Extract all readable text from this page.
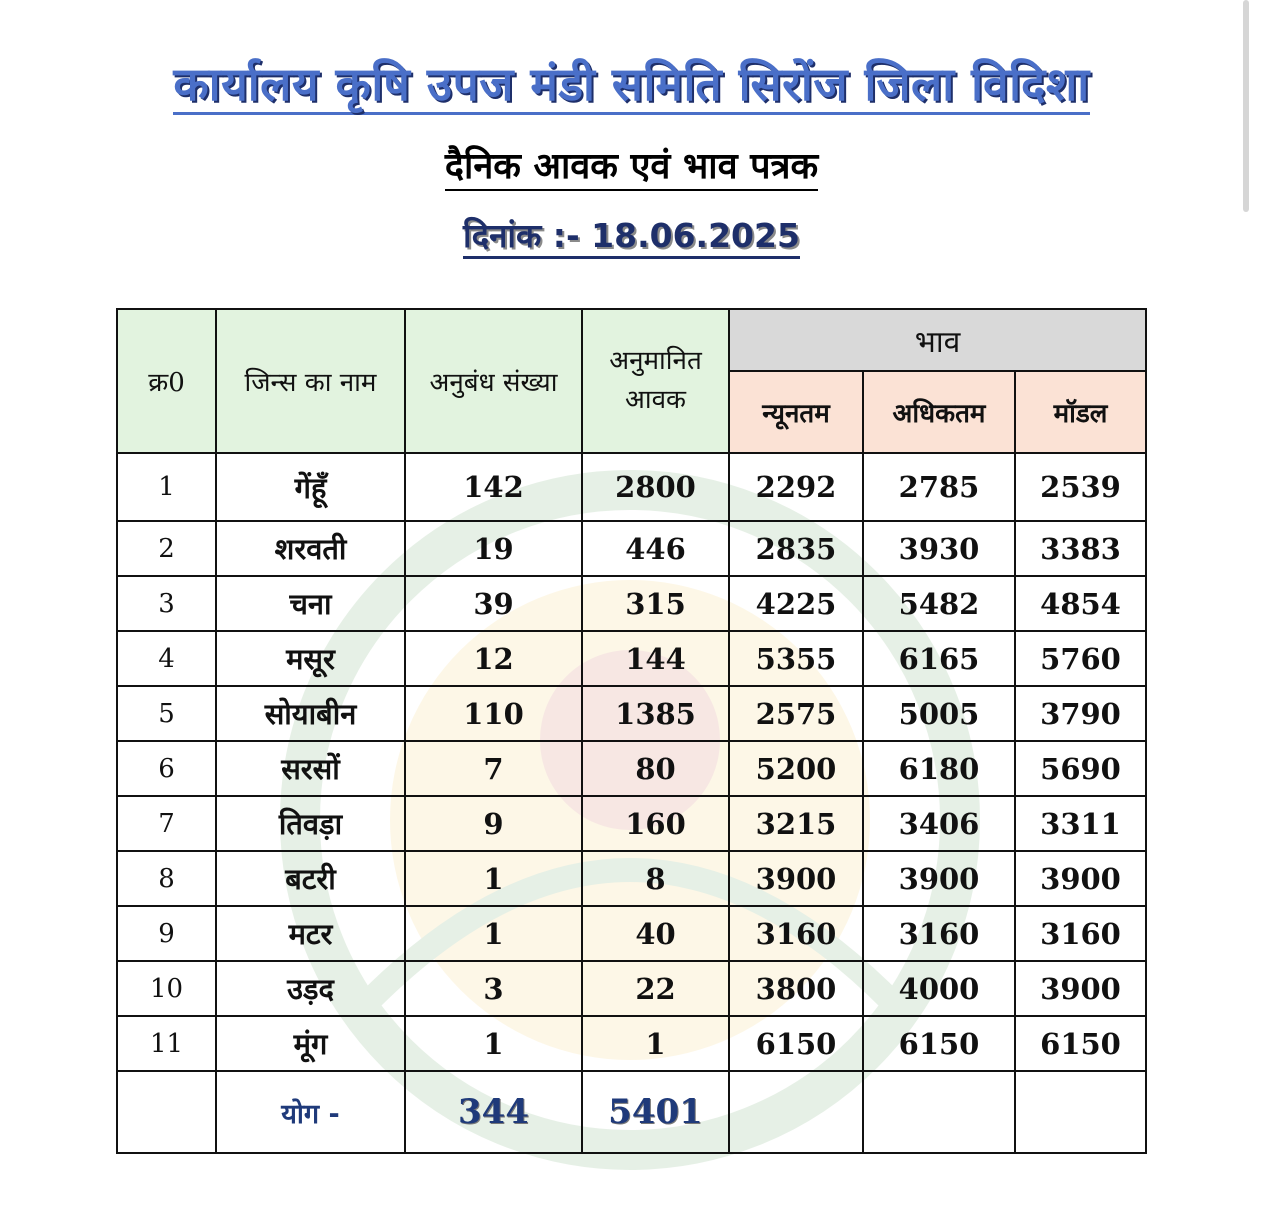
कार्यालय कृषि उपज मंडी समिति सिरोंज जिला विदिशा
दैनिक आवक एवं भाव पत्रक
दिनांक :- 18.06.2025
क्र0	जिन्स का नाम	अनुबंध संख्या	अनुमानित आवक	भाव		
				न्यूनतम	अधिकतम	मॉडल
1	गेंहूँ	142	2800	2292	2785	2539
2	शरवती	19	446	2835	3930	3383
3	चना	39	315	4225	5482	4854
4	मसूर	12	144	5355	6165	5760
5	सोयाबीन	110	1385	2575	5005	3790
6	सरसों	7	80	5200	6180	5690
7	तिवड़ा	9	160	3215	3406	3311
8	बटरी	1	8	3900	3900	3900
9	मटर	1	40	3160	3160	3160
10	उड़द	3	22	3800	4000	3900
11	मूंग	1	1	6150	6150	6150
	योग -	344	5401			
